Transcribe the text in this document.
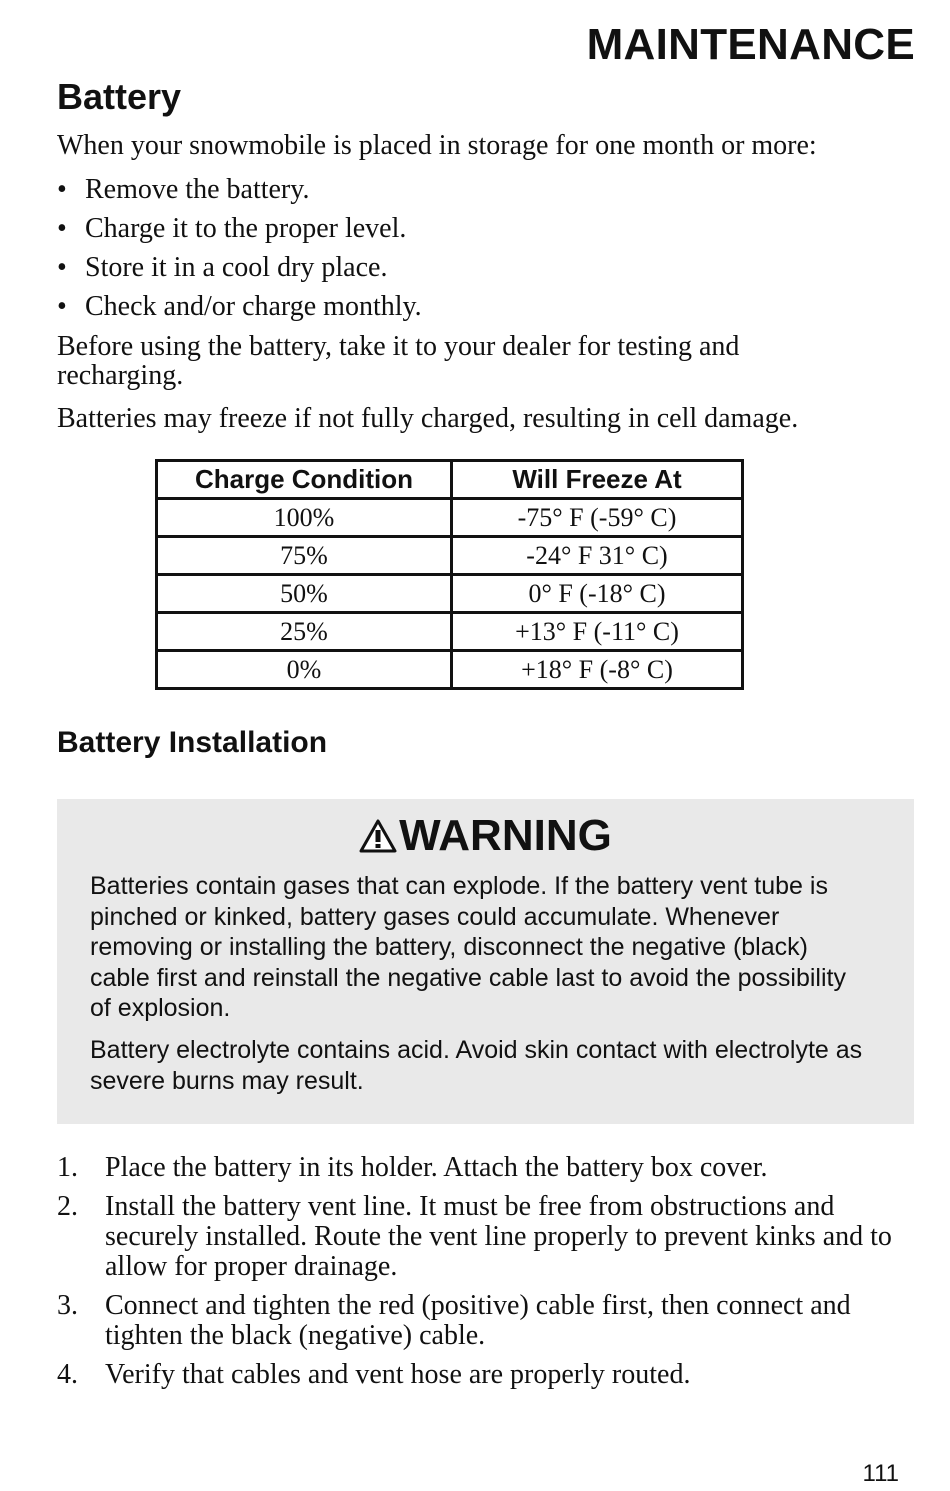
MAINTENANCE
Battery

When your snowmobile is placed in storage for one month or more:

• Remove the battery.
• Charge it to the proper level.
• Store it in a cool dry place.
• Check and/or charge monthly.

Before using the battery, take it to your dealer for testing and recharging.

Batteries may freeze if not fully charged, resulting in cell damage.

Charge Condition	Will Freeze At
100%	-75° F (-59° C)
75%	-24° F 31° C)
50%	0° F (-18° C)
25%	+13° F (-11° C)
0%	+18° F (-8° C)
Battery Installation
WARNING

Batteries contain gases that can explode. If the battery vent tube is pinched or kinked, battery gases could accumulate. Whenever removing or installing the battery, disconnect the negative (black) cable first and reinstall the negative cable last to avoid the possibility of explosion.

Battery electrolyte contains acid. Avoid skin contact with electrolyte as severe burns may result.

1. Place the battery in its holder. Attach the battery box cover.
2. Install the battery vent line. It must be free from obstructions and securely installed. Route the vent line properly to prevent kinks and to allow for proper drainage.
3. Connect and tighten the red (positive) cable first, then connect and tighten the black (negative) cable.
4. Verify that cables and vent hose are properly routed.

111
